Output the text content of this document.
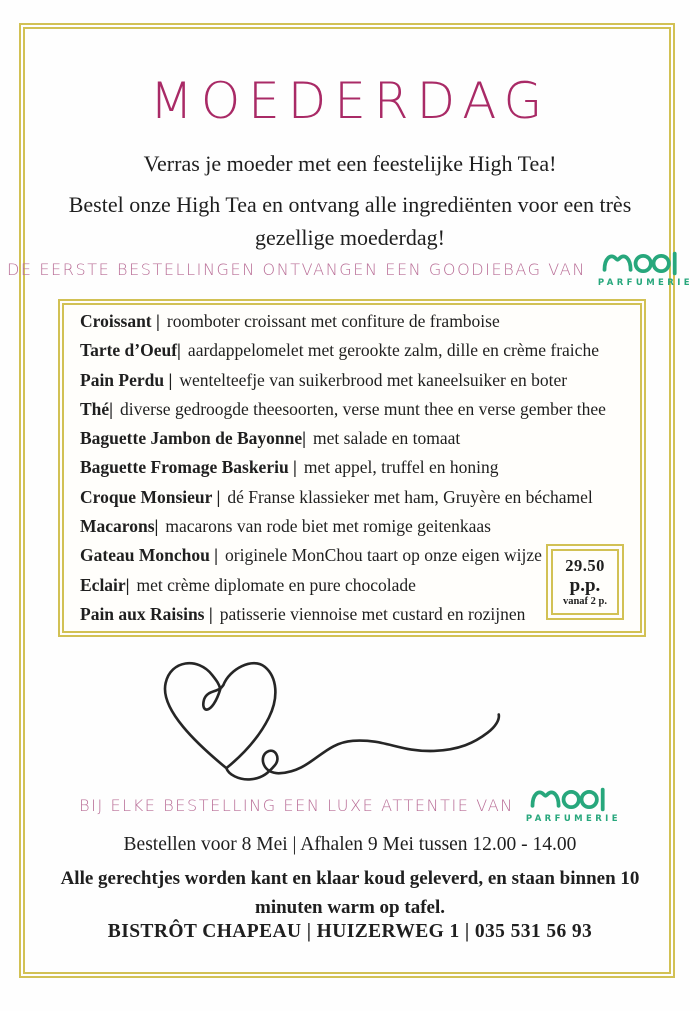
MOEDERDAG

Verras je moeder met een feestelijke High Tea!

Bestel onze High Tea en ontvang alle ingrediënten voor een très gezellige moederdag!

DE EERSTE BESTELLINGEN ONTVANGEN EEN GOODIEBAG VAN
PARFUMERIE
Croissant | roomboter croissant met confiture de framboise
Tarte d’Oeuf| aardappelomelet met gerookte zalm, dille en crème fraiche
Pain Perdu | wentelteefje van suikerbrood met kaneelsuiker en boter
Thé| diverse gedroogde theesoorten, verse munt thee en verse gember thee
Baguette Jambon de Bayonne| met salade en tomaat
Baguette Fromage Baskeriu | met appel, truffel en honing
Croque Monsieur | dé Franse klassieker met ham, Gruyère en béchamel
Macarons| macarons van rode biet met romige geitenkaas
Gateau Monchou | originele MonChou taart op onze eigen wijze
Eclair| met crème diplomate en pure chocolade
Pain aux Raisins | patisserie viennoise met custard en rozijnen
29.50
p.p.
vanaf 2 p.
BIJ ELKE BESTELLING EEN LUXE ATTENTIE VAN
PARFUMERIE

Bestellen voor 8 Mei | Afhalen 9 Mei tussen 12.00 - 14.00

Alle gerechtjes worden kant en klaar koud geleverd, en staan binnen 10 minuten warm op tafel.

BISTRÔT CHAPEAU | HUIZERWEG 1 | 035 531 56 93
